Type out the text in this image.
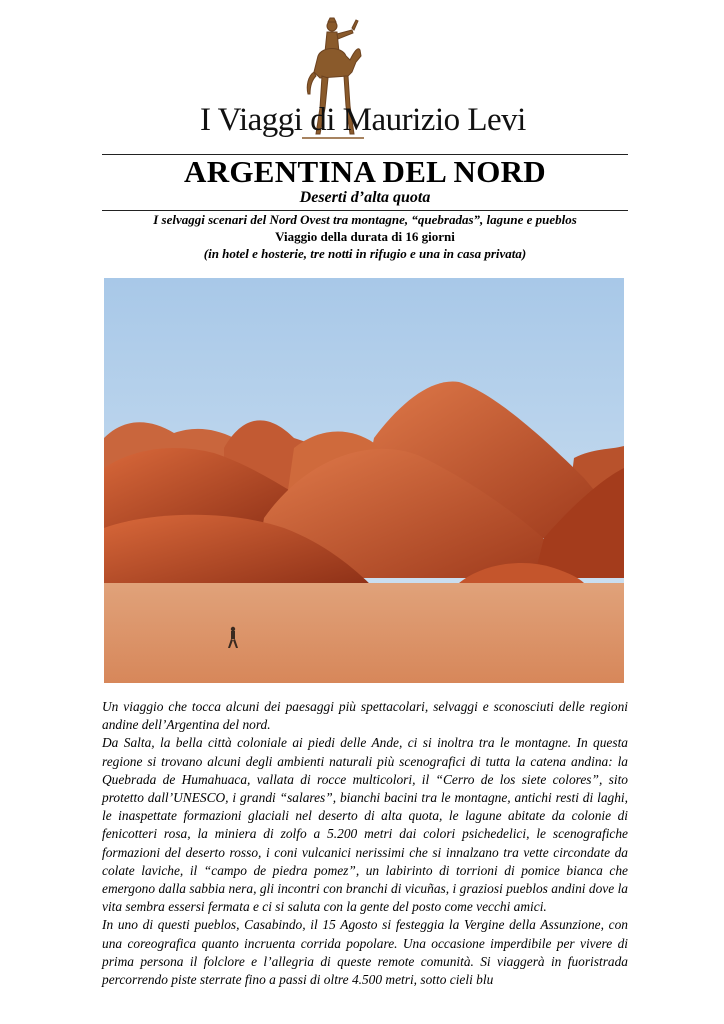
I Viaggi di Maurizio Levi
ARGENTINA DEL NORD
Deserti d’alta quota
I selvaggi scenari del Nord Ovest tra montagne, “quebradas”, lagune e pueblos
Viaggio della durata di 16 giorni
(in hotel e hosterie, tre notti in rifugio e una in casa privata)

Un viaggio che tocca alcuni dei paesaggi più spettacolari, selvaggi e sconosciuti delle regioni andine dell’Argentina del nord.

Da Salta, la bella città coloniale ai piedi delle Ande, ci si inoltra tra le montagne. In questa regione si trovano alcuni degli ambienti naturali più scenografici di tutta la catena andina: la Quebrada de Humahuaca, vallata di rocce multicolori, il “Cerro de los siete colores”, sito protetto dall’UNESCO, i grandi “salares”, bianchi bacini tra le montagne, antichi resti di laghi, le inaspettate formazioni glaciali nel deserto di alta quota, le lagune abitate da colonie di fenicotteri rosa, la miniera di zolfo a 5.200 metri dai colori psichedelici, le scenografiche formazioni del deserto rosso, i coni vulcanici nerissimi che si innalzano tra vette circondate da colate laviche, il “campo de piedra pomez”, un labirinto di torrioni di pomice bianca che emergono dalla sabbia nera, gli incontri con branchi di vicuñas, i graziosi pueblos andini dove la vita sembra essersi fermata e ci si saluta con la gente del posto come vecchi amici.

In uno di questi pueblos, Casabindo, il 15 Agosto si festeggia la Vergine della Assunzione, con una coreografica quanto incruenta corrida popolare. Una occasione imperdibile per vivere di prima persona il folclore e l’allegria di queste remote comunità. Si viaggerà in fuoristrada percorrendo piste sterrate fino a passi di oltre 4.500 metri, sotto cieli blu
